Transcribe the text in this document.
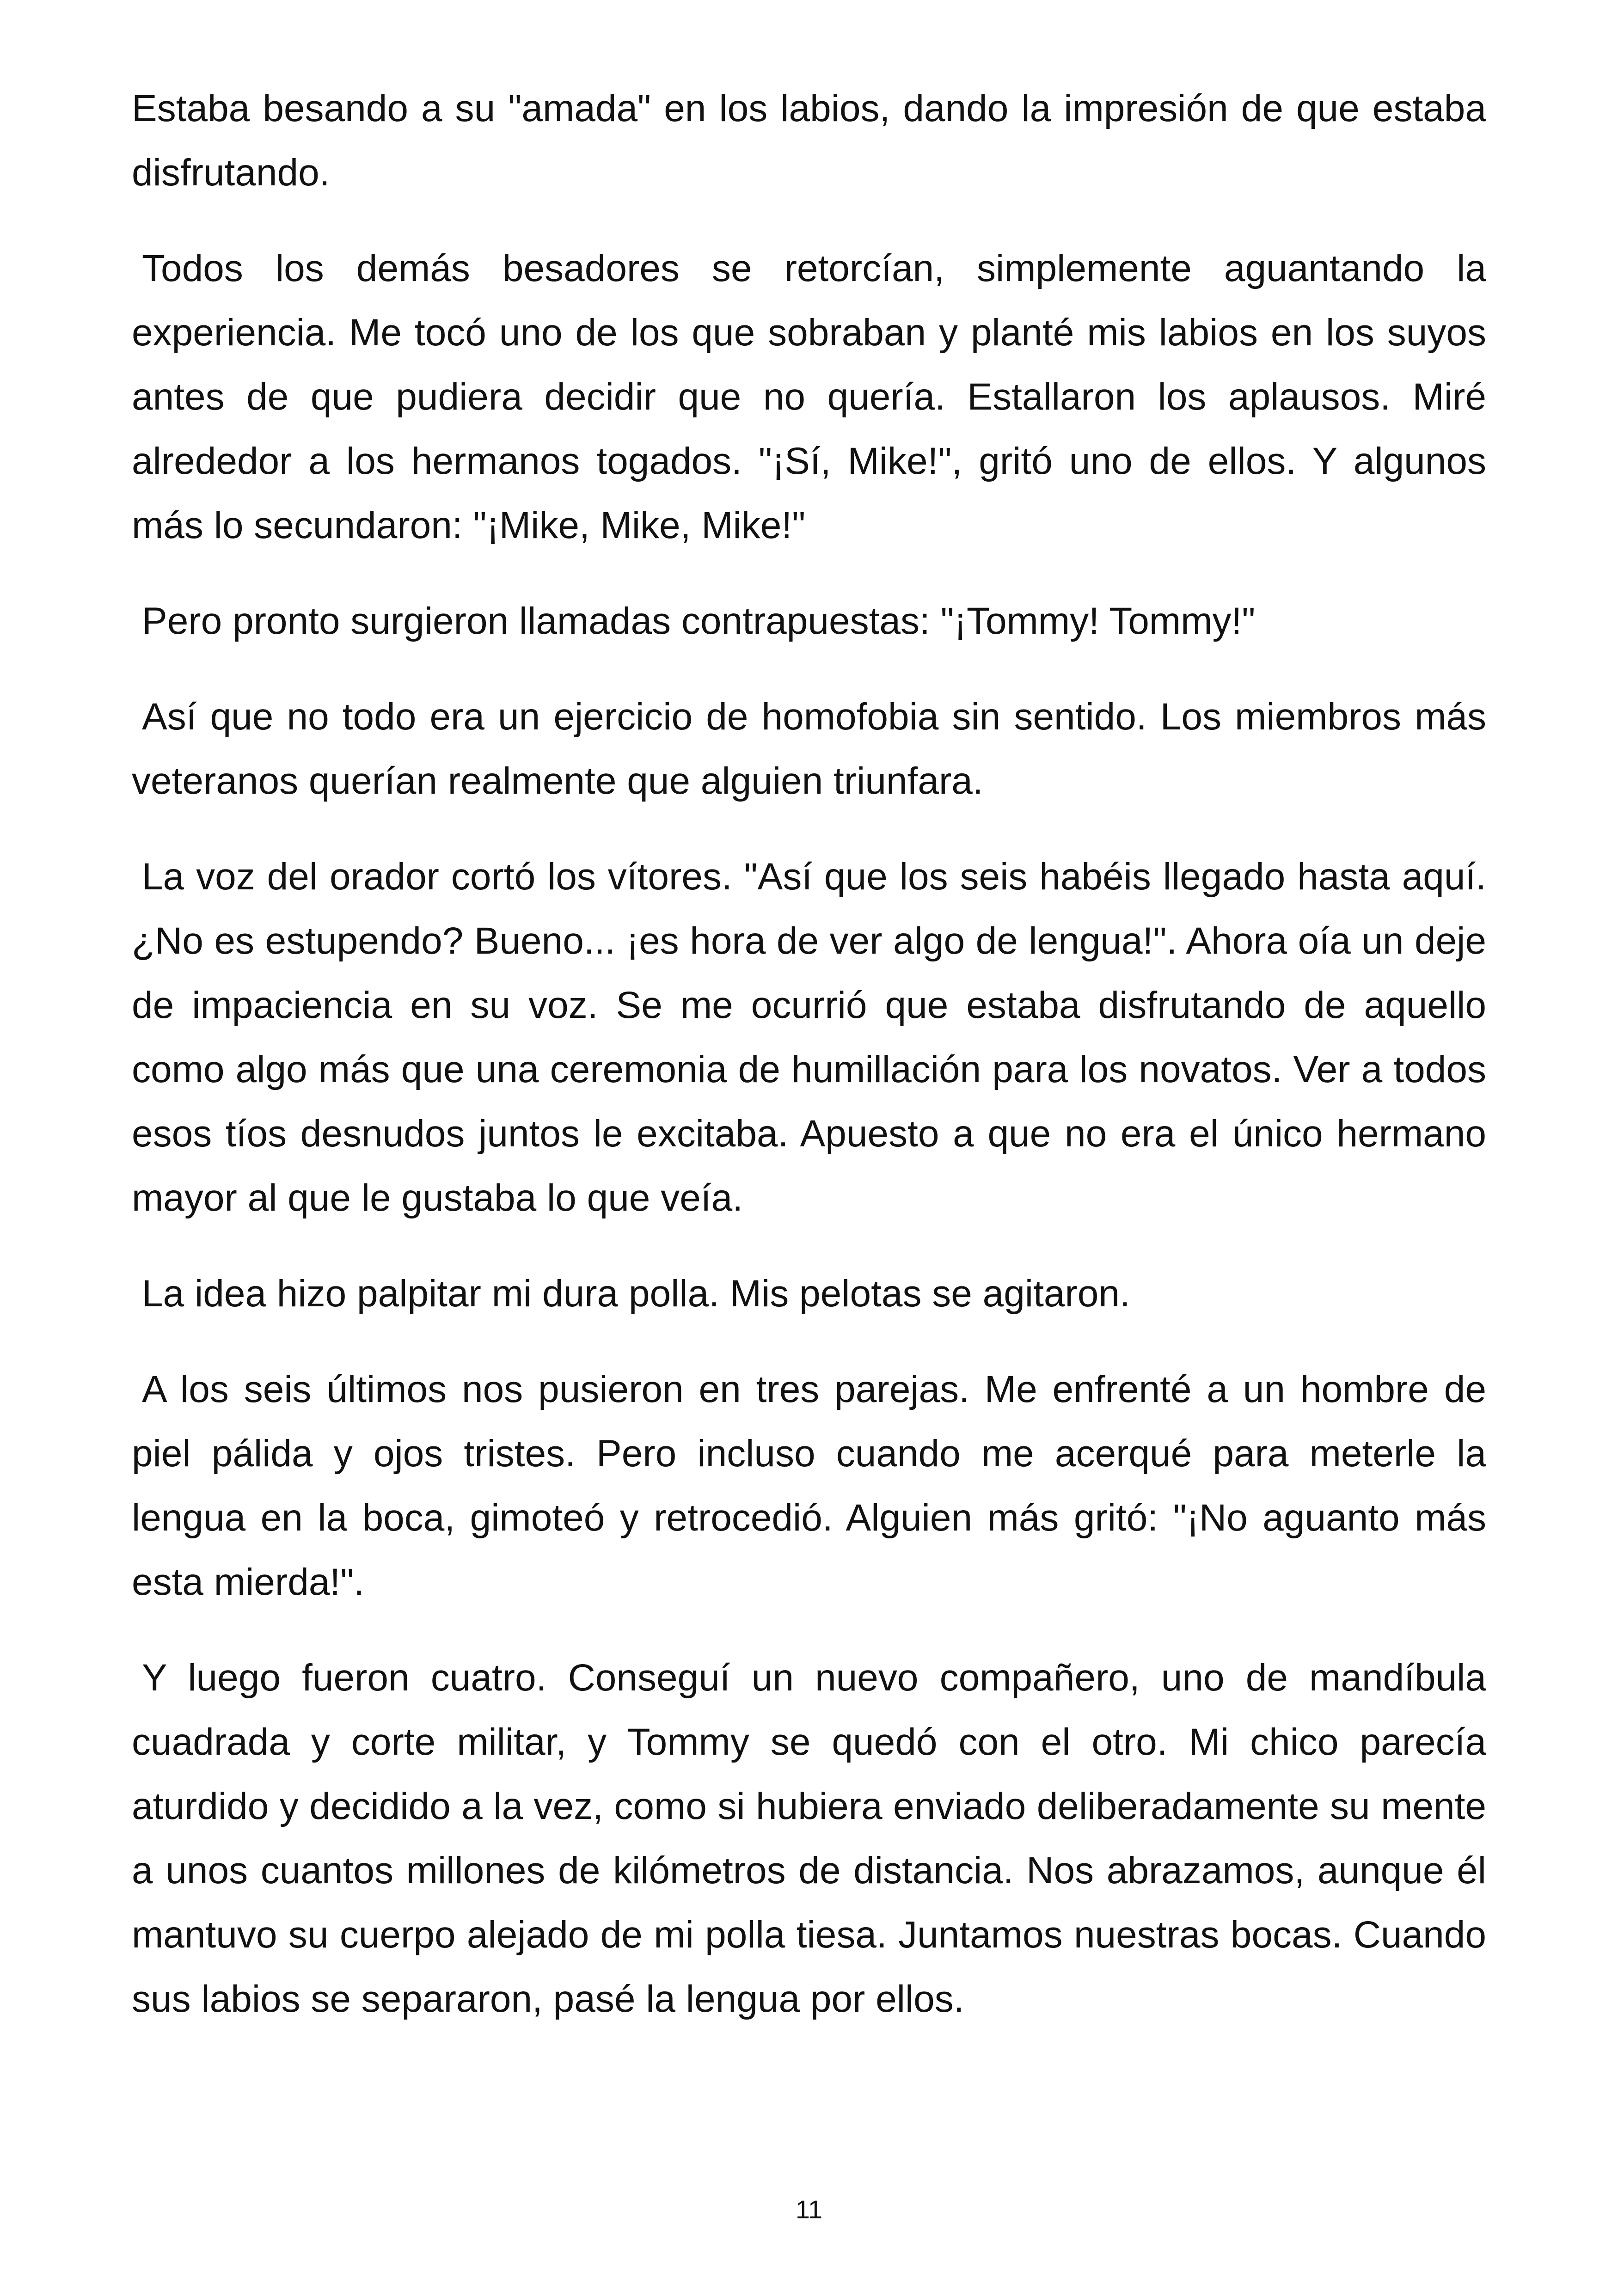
Estaba besando a su "amada" en los labios, dando la impresión de que estaba disfrutando.

Todos los demás besadores se retorcían, simplemente aguantando la experiencia. Me tocó uno de los que sobraban y planté mis labios en los suyos antes de que pudiera decidir que no quería. Estallaron los aplausos. Miré alrededor a los hermanos togados. "¡Sí, Mike!", gritó uno de ellos. Y algunos más lo secundaron: "¡Mike, Mike, Mike!"

Pero pronto surgieron llamadas contrapuestas: "¡Tommy! Tommy!"

Así que no todo era un ejercicio de homofobia sin sentido. Los miembros más veteranos querían realmente que alguien triunfara.

La voz del orador cortó los vítores. "Así que los seis habéis llegado hasta aquí. ¿No es estupendo? Bueno... ¡es hora de ver algo de lengua!". Ahora oía un deje de impaciencia en su voz. Se me ocurrió que estaba disfrutando de aquello como algo más que una ceremonia de humillación para los novatos. Ver a todos esos tíos desnudos juntos le excitaba. Apuesto a que no era el único hermano mayor al que le gustaba lo que veía.

La idea hizo palpitar mi dura polla. Mis pelotas se agitaron.

A los seis últimos nos pusieron en tres parejas. Me enfrenté a un hombre de piel pálida y ojos tristes. Pero incluso cuando me acerqué para meterle la lengua en la boca, gimoteó y retrocedió. Alguien más gritó: "¡No aguanto más esta mierda!".

Y luego fueron cuatro. Conseguí un nuevo compañero, uno de mandíbula cuadrada y corte militar, y Tommy se quedó con el otro. Mi chico parecía aturdido y decidido a la vez, como si hubiera enviado deliberadamente su mente a unos cuantos millones de kilómetros de distancia. Nos abrazamos, aunque él mantuvo su cuerpo alejado de mi polla tiesa. Juntamos nuestras bocas. Cuando sus labios se separaron, pasé la lengua por ellos.

11
